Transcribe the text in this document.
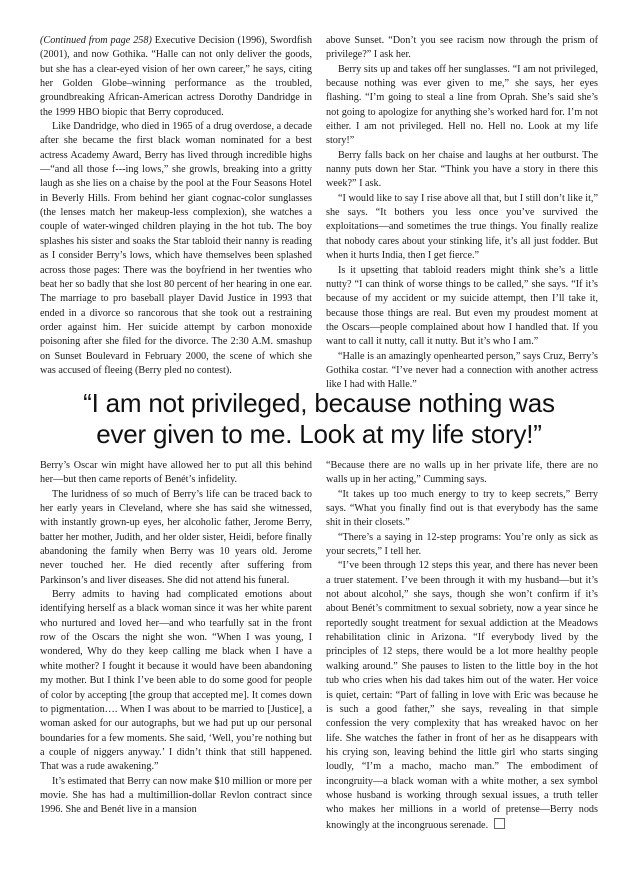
(Continued from page 258) Executive Decision (1996), Swordfish (2001), and now Gothika. “Halle can not only deliver the goods, but she has a clear-eyed vision of her own career,” he says, citing her Golden Globe–winning performance as the troubled, groundbreaking African-American actress Dorothy Dandridge in the 1999 HBO biopic that Berry coproduced.

Like Dandridge, who died in 1965 of a drug overdose, a decade after she became the first black woman nominated for a best actress Academy Award, Berry has lived through incredible highs—“and all those f---ing lows,” she growls, breaking into a gritty laugh as she lies on a chaise by the pool at the Four Seasons Hotel in Beverly Hills. From behind her giant cognac-color sunglasses (the lenses match her makeup-less complexion), she watches a couple of water-winged children playing in the hot tub. The boy splashes his sister and soaks the Star tabloid their nanny is reading as I consider Berry’s lows, which have themselves been splashed across those pages: There was the boyfriend in her twenties who beat her so badly that she lost 80 percent of her hearing in one ear. The marriage to pro baseball player David Justice in 1993 that ended in a divorce so rancorous that she took out a restraining order against him. Her suicide attempt by carbon monoxide poisoning after she filed for the divorce. The 2:30 A.M. smashup on Sunset Boulevard in February 2000, the scene of which she was accused of fleeing (Berry pled no contest).

above Sunset. “Don’t you see racism now through the prism of privilege?” I ask her.

Berry sits up and takes off her sunglasses. “I am not privileged, because nothing was ever given to me,” she says, her eyes flashing. “I’m going to steal a line from Oprah. She’s said she’s not going to apologize for anything she’s worked hard for. I’m not either. I am not privileged. Hell no. Hell no. Look at my life story!”

Berry falls back on her chaise and laughs at her outburst. The nanny puts down her Star. “Think you have a story in there this week?” I ask.

“I would like to say I rise above all that, but I still don’t like it,” she says. “It bothers you less once you’ve survived the exploitations—and sometimes the true things. You finally realize that nobody cares about your stinking life, it’s all just fodder. But when it hurts India, then I get fierce.”

Is it upsetting that tabloid readers might think she’s a little nutty? “I can think of worse things to be called,” she says. “If it’s because of my accident or my suicide attempt, then I’ll take it, because those things are real. But even my proudest moment at the Oscars—people complained about how I handled that. If you want to call it nutty, call it nutty. But it’s who I am.”

“Halle is an amazingly openhearted person,” says Cruz, Berry’s Gothika costar. “I’ve never had a connection with another actress like I had with Halle.”

“I am not privileged, because nothing was
ever given to me. Look at my life story!”

Berry’s Oscar win might have allowed her to put all this behind her—but then came reports of Benét’s infidelity.

The luridness of so much of Berry’s life can be traced back to her early years in Cleveland, where she has said she witnessed, with instantly grown-up eyes, her alcoholic father, Jerome Berry, batter her mother, Judith, and her older sister, Heidi, before finally abandoning the family when Berry was 10 years old. Jerome never touched her. He died recently after suffering from Parkinson’s and liver diseases. She did not attend his funeral.

Berry admits to having had complicated emotions about identifying herself as a black woman since it was her white parent who nurtured and loved her—and who tearfully sat in the front row of the Oscars the night she won. “When I was young, I wondered, Why do they keep calling me black when I have a white mother? I fought it because it would have been abandoning my mother. But I think I’ve been able to do some good for people of color by accepting [the group that accepted me]. It comes down to pigmentation…. When I was about to be married to [Justice], a woman asked for our autographs, but we had put up our personal boundaries for a few moments. She said, ‘Well, you’re nothing but a couple of niggers anyway.’ I didn’t think that still happened. That was a rude awakening.”

It’s estimated that Berry can now make $10 million or more per movie. She has had a multimillion-dollar Revlon contract since 1996. She and Benét live in a mansion

“Because there are no walls up in her private life, there are no walls up in her acting,” Cumming says.

“It takes up too much energy to try to keep secrets,” Berry says. “What you finally find out is that everybody has the same shit in their closets.”

“There’s a saying in 12-step programs: You’re only as sick as your secrets,” I tell her.

“I’ve been through 12 steps this year, and there has never been a truer statement. I’ve been through it with my husband—but it’s not about alcohol,” she says, though she won’t confirm if it’s about Benét’s commitment to sexual sobriety, now a year since he reportedly sought treatment for sexual addiction at the Meadows rehabilitation clinic in Arizona. “If everybody lived by the principles of 12 steps, there would be a lot more healthy people walking around.” She pauses to listen to the little boy in the hot tub who cries when his dad takes him out of the water. Her voice is quiet, certain: “Part of falling in love with Eric was because he is such a good father,” she says, revealing in that simple confession the very complexity that has wreaked havoc on her life. She watches the father in front of her as he disappears with his crying son, leaving behind the little girl who starts singing loudly, “I’m a macho, macho man.” The embodiment of incongruity—a black woman with a white mother, a sex symbol whose husband is working through sexual issues, a truth teller who makes her millions in a world of pretense—Berry nods knowingly at the incongruous serenade.
